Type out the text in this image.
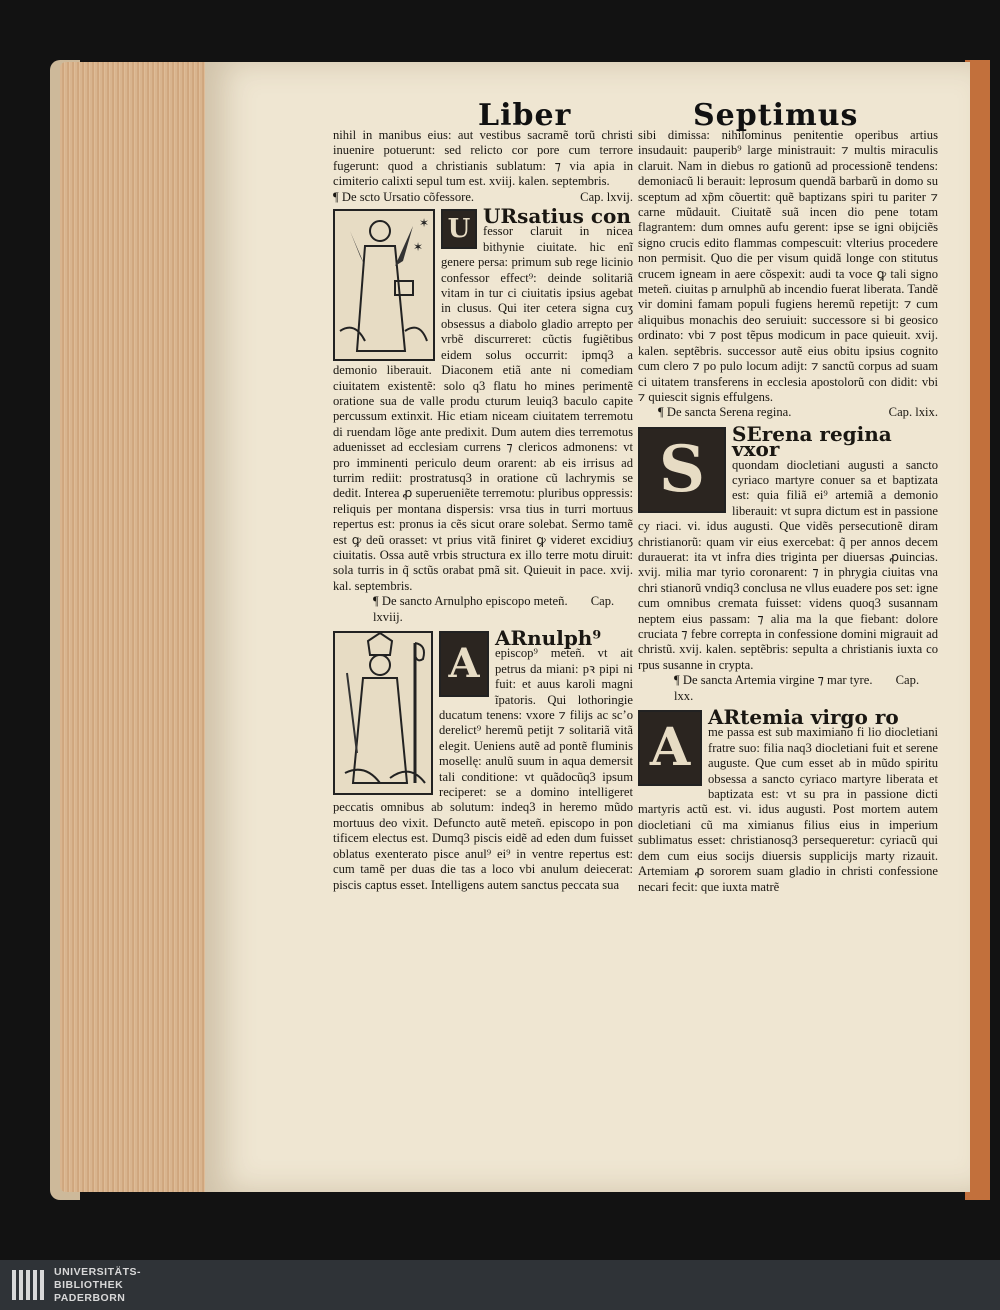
Liber	Septimus

nihil in manibus eius: aut vestibus sacramẽ torũ christi inuenire potuerunt: sed relicto cor pore cum terrore fugerunt: quod a christianis sublatum: ⁊ via apia in cimiterio calixti sepul tum est. xviij. kalen. septembris.

¶ De scto Ursatio cõfessore.	Cap. lxvij.
✶
✶
U URsatius con

fessor claruit in nicea bithynie ciuitate. hic enĩ genere persa: primum sub rege licinio confessor effect⁹: deinde solitariã vitam in tur ci ciuitatis ipsius agebat in clusus. Qui iter cetera signa cuʒ obsessus a diabolo gladio arrepto per vrbẽ discurreret: cũctis fugiẽtibus eidem solus occurrit: ipmq3 a demonio liberauit. Diaconem etiã ante ni comediam ciuitatem existentẽ: solo q3 flatu ho mines perimentẽ oratione sua de valle produ cturum leuiq3 baculo capite percussum extinxit. Hic etiam niceam ciuitatem terremotu di ruendam lõge ante predixit. Dum autem dies terremotus aduenisset ad ecclesiam currens ⁊ clericos admonens: vt pro imminenti periculo deum orarent: ab eis irrisus ad turrim rediit: prostratusq3 in oratione cũ lachrymis se dedit. Interea ꝓ superueniẽte terremotu: pluribus oppressis: reliquis per montana dispersis: vrsa tius in turri mortuus repertus est: pronus ia cẽs sicut orare solebat. Sermo tamẽ est ꝙ deũ orasset: vt prius vitã finiret ꝙ videret excidiuʒ ciuitatis. Ossa autẽ vrbis structura ex illo terre motu diruit: sola turris in q̃ sctũs orabat pmã sit. Quieuit in pace. xvij. kal. septembris.

¶ De sancto Arnulpho episcopo meteñ. Cap. lxviij.
A
ARnulph⁹

episcop⁹ meteñ. vt ait petrus da miani: pꝛ pipi ni fuit: et auus karoli magni ĩpatoris. Qui lothoringie ducatum tenens: vxore ⁊ filijs ac scʼo derelict⁹ heremũ petijt ⁊ solitariã vitã elegit. Ueniens autẽ ad pontẽ fluminis mosellę: anulũ suum in aqua demersit tali conditione: vt quãdocũq3 ipsum reciperet: se a domino intelligeret peccatis omnibus ab solutum: indeq3 in heremo mũdo mortuus deo vixit. Defuncto autẽ meteñ. episcopo in pon tificem electus est. Dumq3 piscis eidẽ ad eden dum fuisset oblatus exenterato pisce anul⁹ ei⁹ in ventre repertus est: cum tamẽ per duas die tas a loco vbi anulum deiecerat: piscis captus esset. Intelligens autem sanctus peccata sua

sibi dimissa: nihilominus penitentie operibus artius insudauit: pauperib⁹ large ministrauit: ⁊ multis miraculis claruit. Nam in diebus ro gationũ ad processionẽ tendens: demoniacũ li berauit: leprosum quendã barbarũ in domo su sceptum ad xp̃m cõuertit: quẽ baptizans spiri tu pariter ⁊ carne mũdauit. Ciuitatẽ suã incen dio pene totam flagrantem: dum omnes aufu gerent: ipse se igni obijciẽs signo crucis edito flammas compescuit: vlterius procedere non permisit. Quo die per visum quidã longe con stitutus crucem igneam in aere cõspexit: audi ta voce ꝙ tali signo meteñ. ciuitas p arnulphũ ab incendio fuerat liberata. Tandẽ vir domini famam populi fugiens heremũ repetijt: ⁊ cum aliquibus monachis deo seruiuit: successore si bi geosico ordinato: vbi ⁊ post tẽpus modicum in pace quieuit. xvij. kalen. septẽbris. successor autẽ eius obitu ipsius cognito cum clero ⁊ po pulo locum adijt: ⁊ sanctũ corpus ad suam ci uitatem transferens in ecclesia apostolorũ con didit: vbi ⁊ quiescit signis effulgens.

¶ De sancta Serena regina.	Cap. lxix.
S	SErena regina vxor

quondam diocletiani augusti a sancto cyriaco martyre conuer sa et baptizata est: quia filiã ei⁹ artemiã a demonio liberauit: vt supra dictum est in passione cy riaci. vi. idus augusti. Que vidẽs persecutionẽ diram christianorũ: quam vir eius exercebat: q̃ per annos decem durauerat: ita vt infra dies triginta per diuersas ꝓuincias. xvij. milia mar tyrio coronarent: ⁊ in phrygia ciuitas vna chri stianorũ vndiq3 conclusa ne vllus euadere pos set: igne cum omnibus cremata fuisset: videns quoq3 susannam neptem eius passam: ⁊ alia ma la que fiebant: dolore cruciata ⁊ febre correpta in confessione domini migrauit ad christũ. xvij. kalen. septẽbris: sepulta a christianis iuxta co rpus susanne in crypta.

¶ De sancta Artemia virgine ⁊ mar tyre. Cap. lxx.
A ARtemia virgo ro

me passa est sub maximiano fi lio diocletiani fratre suo: filia naq3 diocletiani fuit et serene auguste. Que cum esset ab in mũdo spiritu obsessa a sancto cyriaco martyre liberata et baptizata est: vt su pra in passione dicti martyris actũ est. vi. idus augusti. Post mortem autem diocletiani cũ ma ximianus filius eius in imperium sublimatus esset: christianosq3 persequeretur: cyriacũ qui dem cum eius socijs diuersis supplicijs marty rizauit. Artemiam ꝓ sororem suam gladio in christi confessione necari fecit: que iuxta matrẽ

UNIVERSITÄTS-
BIBLIOTHEK
PADERBORN
